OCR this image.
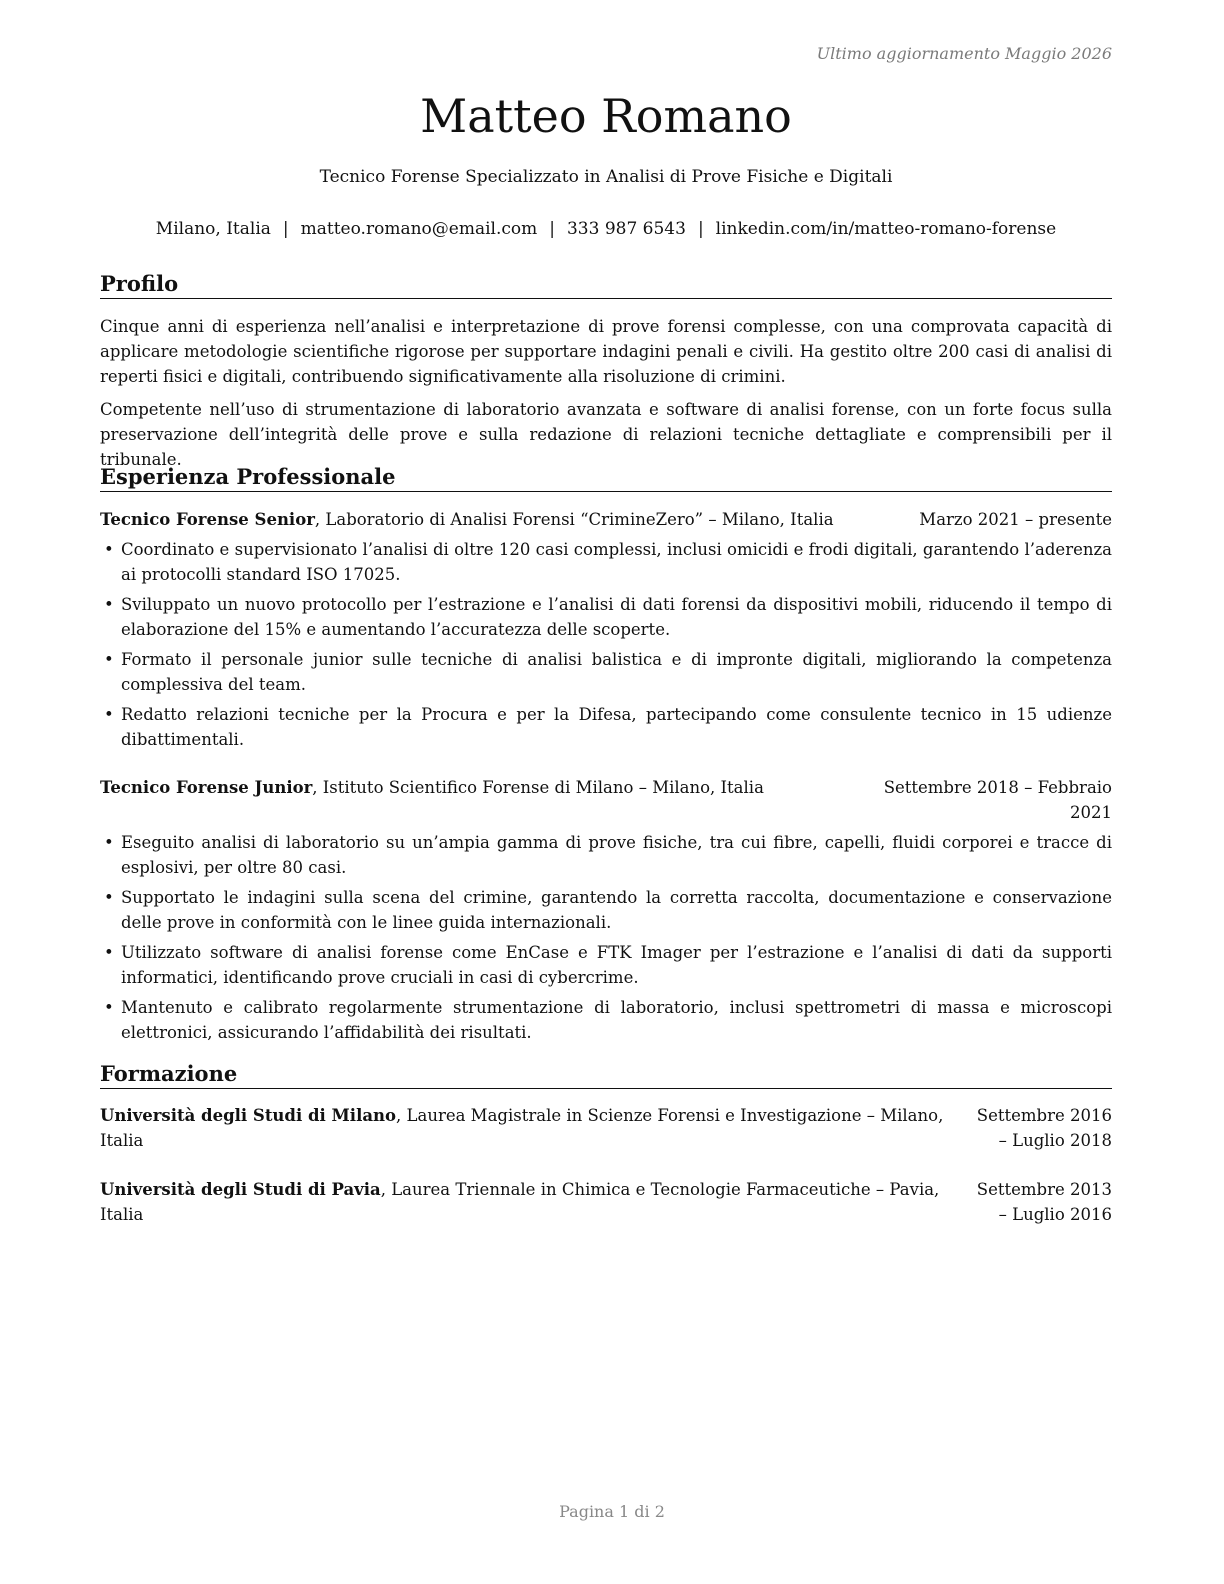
Ultimo aggiornamento Maggio 2026
Matteo Romano
Tecnico Forense Specializzato in Analisi di Prove Fisiche e Digitali
Milano, Italia | matteo.romano@email.com | 333 987 6543 | linkedin.com/in/matteo-romano-forense
Profilo

Cinque anni di esperienza nell’analisi e interpretazione di prove forensi complesse, con una comprovata capacità di applicare metodologie scientifiche rigorose per supportare indagini penali e civili. Ha gestito oltre 200 casi di analisi di reperti fisici e digitali, contribuendo significativamente alla risoluzione di crimini.

Competente nell’uso di strumentazione di laboratorio avanzata e software di analisi forense, con un forte focus sulla preservazione dell’integrità delle prove e sulla redazione di relazioni tecniche dettagliate e comprensibili per il tribunale.

Esperienza Professionale
Tecnico Forense Senior, Laboratorio di Analisi Forensi “CrimineZero” – Milano, Italia	Marzo 2021 – presente
• Coordinato e supervisionato l’analisi di oltre 120 casi complessi, inclusi omicidi e frodi digitali, garantendo l’aderenza ai protocolli standard ISO 17025.
• Sviluppato un nuovo protocollo per l’estrazione e l’analisi di dati forensi da dispositivi mobili, riducendo il tempo di elaborazione del 15% e aumentando l’accuratezza delle scoperte.
• Formato il personale junior sulle tecniche di analisi balistica e di impronte digitali, migliorando la competenza complessiva del team.
• Redatto relazioni tecniche per la Procura e per la Difesa, partecipando come consulente tecnico in 15 udienze dibattimentali.
Tecnico Forense Junior, Istituto Scientifico Forense di Milano – Milano, Italia	Settembre 2018 – Febbraio 2021
• Eseguito analisi di laboratorio su un’ampia gamma di prove fisiche, tra cui fibre, capelli, fluidi corporei e tracce di esplosivi, per oltre 80 casi.
• Supportato le indagini sulla scena del crimine, garantendo la corretta raccolta, documentazione e conservazione delle prove in conformità con le linee guida internazionali.
• Utilizzato software di analisi forense come EnCase e FTK Imager per l’estrazione e l’analisi di dati da supporti informatici, identificando prove cruciali in casi di cybercrime.
• Mantenuto e calibrato regolarmente strumentazione di laboratorio, inclusi spettrometri di massa e microscopi elettronici, assicurando l’affidabilità dei risultati.
Formazione
Università degli Studi di Milano, Laurea Magistrale in Scienze Forensi e Investigazione – Milano, Italia
Settembre 2016 – Luglio 2018
Università degli Studi di Pavia, Laurea Triennale in Chimica e Tecnologie Farmaceutiche – Pavia, Italia
Settembre 2013 – Luglio 2016
Pagina 1 di 2
